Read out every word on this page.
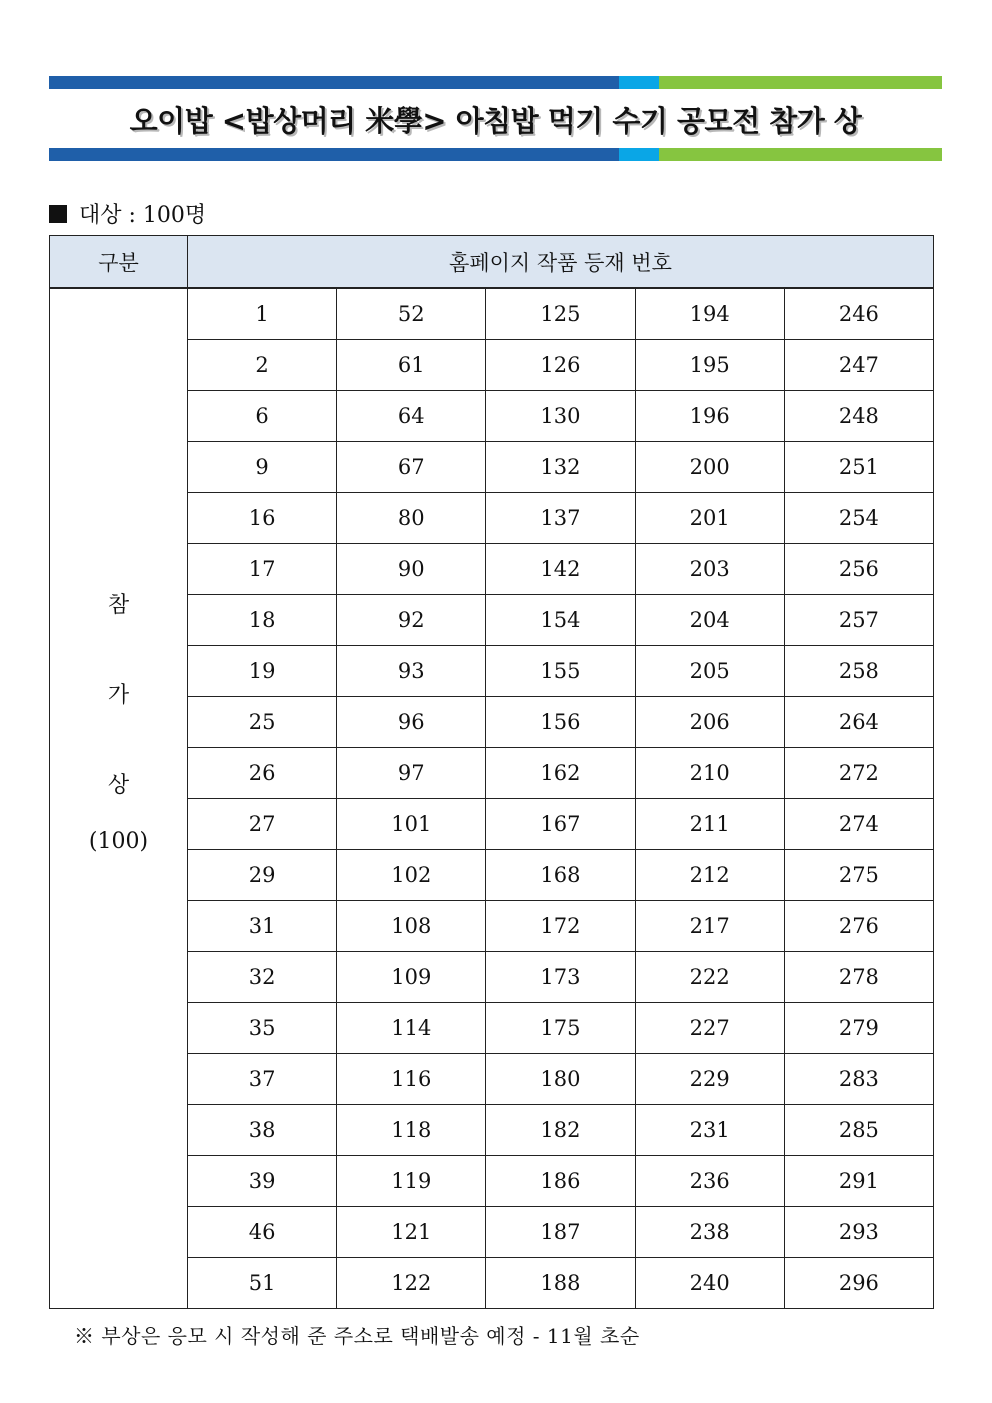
오이밥 <밥상머리 米學> 아침밥 먹기 수기 공모전 참가 상
대상 : 100명
구분	홈페이지 작품 등재 번호				

참
가
상
(100)	1	52	125	194	246
	2	61	126	195	247
	6	64	130	196	248
	9	67	132	200	251
	16	80	137	201	254
	17	90	142	203	256
	18	92	154	204	257
	19	93	155	205	258
	25	96	156	206	264
	26	97	162	210	272
	27	101	167	211	274
	29	102	168	212	275
	31	108	172	217	276
	32	109	173	222	278
	35	114	175	227	279
	37	116	180	229	283
	38	118	182	231	285
	39	119	186	236	291
	46	121	187	238	293
	51	122	188	240	296
※ 부상은 응모 시 작성해 준 주소로 택배발송 예정 - 11월 초순
